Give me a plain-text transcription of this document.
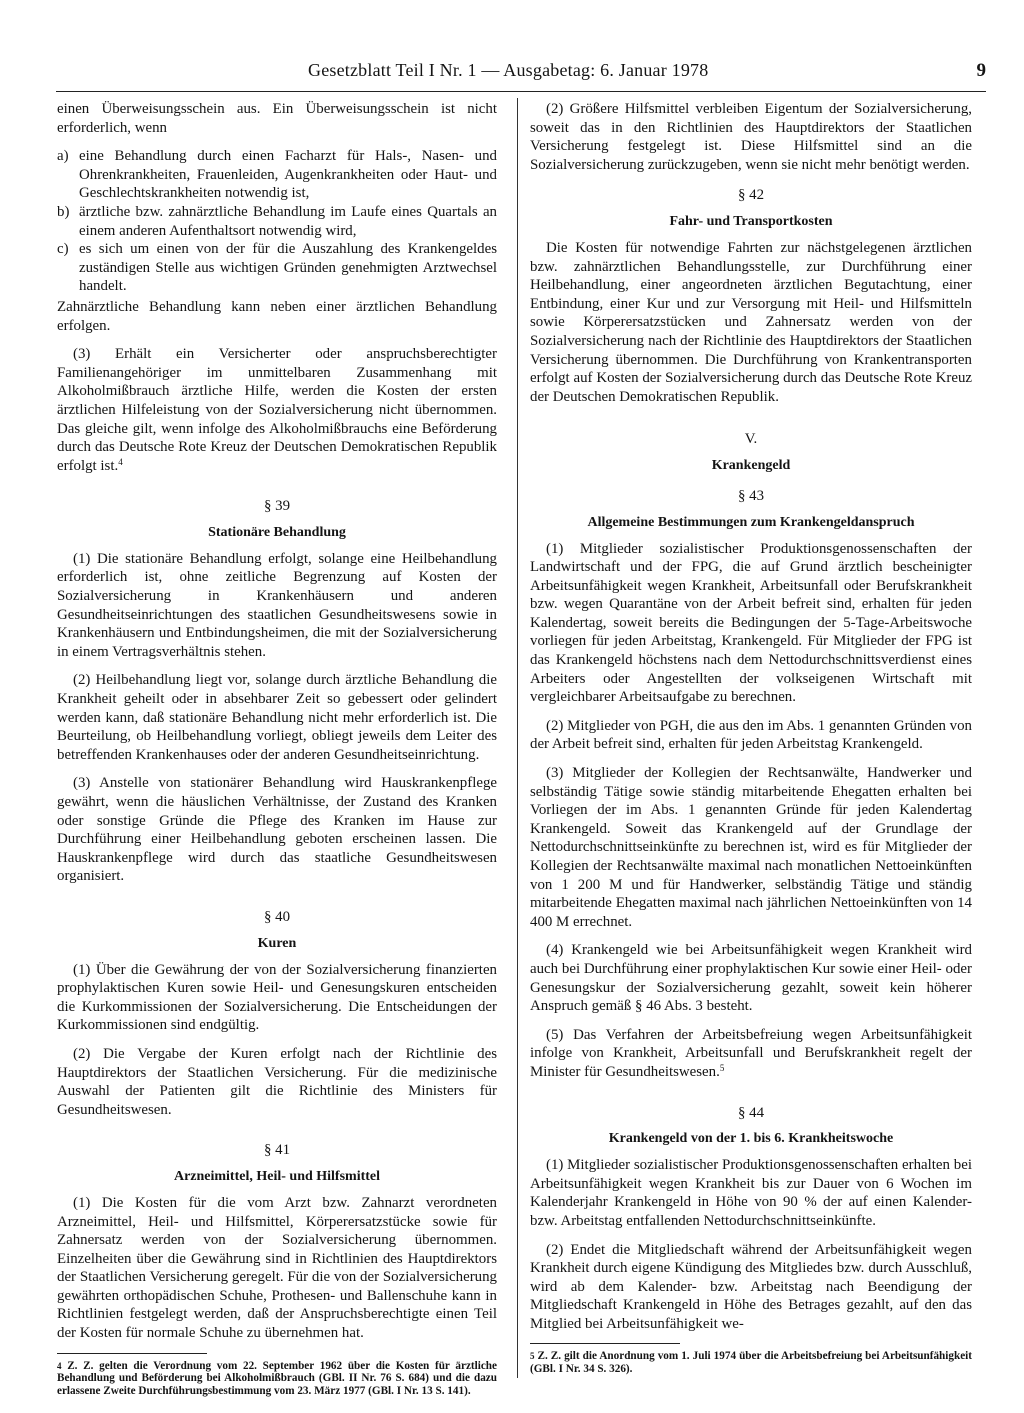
Gesetzblatt Teil I Nr. 1 — Ausgabetag: 6. Januar 1978	9

einen Überweisungsschein aus. Ein Überweisungsschein ist nicht erforderlich, wenn

a) eine Behandlung durch einen Facharzt für Hals-, Nasen- und Ohrenkrankheiten, Frauenleiden, Augenkrankheiten oder Haut- und Geschlechtskrankheiten notwendig ist,
b) ärztliche bzw. zahnärztliche Behandlung im Laufe eines Quartals an einem anderen Aufenthaltsort notwendig wird,
c) es sich um einen von der für die Auszahlung des Krankengeldes zuständigen Stelle aus wichtigen Gründen genehmigten Arztwechsel handelt.

Zahnärztliche Behandlung kann neben einer ärztlichen Behandlung erfolgen.

(3) Erhält ein Versicherter oder anspruchsberechtigter Familienangehöriger im unmittelbaren Zusammenhang mit Alkoholmißbrauch ärztliche Hilfe, werden die Kosten der ersten ärztlichen Hilfeleistung von der Sozialversicherung nicht übernommen. Das gleiche gilt, wenn infolge des Alkoholmißbrauchs eine Beförderung durch das Deutsche Rote Kreuz der Deutschen Demokratischen Republik erfolgt ist.$^4$

§ 39
Stationäre Behandlung

(1) Die stationäre Behandlung erfolgt, solange eine Heilbehandlung erforderlich ist, ohne zeitliche Begrenzung auf Kosten der Sozialversicherung in Krankenhäusern und anderen Gesundheitseinrichtungen des staatlichen Gesundheitswesens sowie in Krankenhäusern und Entbindungsheimen, die mit der Sozialversicherung in einem Vertragsverhältnis stehen.

(2) Heilbehandlung liegt vor, solange durch ärztliche Behandlung die Krankheit geheilt oder in absehbarer Zeit so gebessert oder gelindert werden kann, daß stationäre Behandlung nicht mehr erforderlich ist. Die Beurteilung, ob Heilbehandlung vorliegt, obliegt jeweils dem Leiter des betreffenden Krankenhauses oder der anderen Gesundheitseinrichtung.

(3) Anstelle von stationärer Behandlung wird Hauskrankenpflege gewährt, wenn die häuslichen Verhältnisse, der Zustand des Kranken oder sonstige Gründe die Pflege des Kranken im Hause zur Durchführung einer Heilbehandlung geboten erscheinen lassen. Die Hauskrankenpflege wird durch das staatliche Gesundheitswesen organisiert.

§ 40
Kuren

(1) Über die Gewährung der von der Sozialversicherung finanzierten prophylaktischen Kuren sowie Heil- und Genesungskuren entscheiden die Kurkommissionen der Sozialversicherung. Die Entscheidungen der Kurkommissionen sind endgültig.

(2) Die Vergabe der Kuren erfolgt nach der Richtlinie des Hauptdirektors der Staatlichen Versicherung. Für die medizinische Auswahl der Patienten gilt die Richtlinie des Ministers für Gesundheitswesen.

§ 41
Arzneimittel, Heil- und Hilfsmittel

(1) Die Kosten für die vom Arzt bzw. Zahnarzt verordneten Arzneimittel, Heil- und Hilfsmittel, Körperersatzstücke sowie für Zahnersatz werden von der Sozialversicherung übernommen. Einzelheiten über die Gewährung sind in Richtlinien des Hauptdirektors der Staatlichen Versicherung geregelt. Für die von der Sozialversicherung gewährten orthopädischen Schuhe, Prothesen- und Ballenschuhe kann in Richtlinien festgelegt werden, daß der Anspruchsberechtigte einen Teil der Kosten für normale Schuhe zu übernehmen hat.

$^4$ Z. Z. gelten die Verordnung vom 22. September 1962 über die Kosten für ärztliche Behandlung und Beförderung bei Alkoholmißbrauch (GBl. II Nr. 76 S. 684) und die dazu erlassene Zweite Durchführungsbestimmung vom 23. März 1977 (GBl. I Nr. 13 S. 141).

(2) Größere Hilfsmittel verbleiben Eigentum der Sozialversicherung, soweit das in den Richtlinien des Hauptdirektors der Staatlichen Versicherung festgelegt ist. Diese Hilfsmittel sind an die Sozialversicherung zurückzugeben, wenn sie nicht mehr benötigt werden.

§ 42
Fahr- und Transportkosten

Die Kosten für notwendige Fahrten zur nächstgelegenen ärztlichen bzw. zahnärztlichen Behandlungsstelle, zur Durchführung einer Heilbehandlung, einer angeordneten ärztlichen Begutachtung, einer Entbindung, einer Kur und zur Versorgung mit Heil- und Hilfsmitteln sowie Körperersatzstücken und Zahnersatz werden von der Sozialversicherung nach der Richtlinie des Hauptdirektors der Staatlichen Versicherung übernommen. Die Durchführung von Krankentransporten erfolgt auf Kosten der Sozialversicherung durch das Deutsche Rote Kreuz der Deutschen Demokratischen Republik.

V.
Krankengeld
§ 43
Allgemeine Bestimmungen zum Krankengeldanspruch

(1) Mitglieder sozialistischer Produktionsgenossenschaften der Landwirtschaft und der FPG, die auf Grund ärztlich bescheinigter Arbeitsunfähigkeit wegen Krankheit, Arbeitsunfall oder Berufskrankheit bzw. wegen Quarantäne von der Arbeit befreit sind, erhalten für jeden Kalendertag, soweit bereits die Bedingungen der 5-Tage-Arbeitswoche vorliegen für jeden Arbeitstag, Krankengeld. Für Mitglieder der FPG ist das Krankengeld höchstens nach dem Nettodurchschnittsverdienst eines Arbeiters oder Angestellten der volkseigenen Wirtschaft mit vergleichbarer Arbeitsaufgabe zu berechnen.

(2) Mitglieder von PGH, die aus den im Abs. 1 genannten Gründen von der Arbeit befreit sind, erhalten für jeden Arbeitstag Krankengeld.

(3) Mitglieder der Kollegien der Rechtsanwälte, Handwerker und selbständig Tätige sowie ständig mitarbeitende Ehegatten erhalten bei Vorliegen der im Abs. 1 genannten Gründe für jeden Kalendertag Krankengeld. Soweit das Krankengeld auf der Grundlage der Nettodurchschnittseinkünfte zu berechnen ist, wird es für Mitglieder der Kollegien der Rechtsanwälte maximal nach monatlichen Nettoeinkünften von 1 200 M und für Handwerker, selbständig Tätige und ständig mitarbeitende Ehegatten maximal nach jährlichen Nettoeinkünften von 14 400 M errechnet.

(4) Krankengeld wie bei Arbeitsunfähigkeit wegen Krankheit wird auch bei Durchführung einer prophylaktischen Kur sowie einer Heil- oder Genesungskur der Sozialversicherung gezahlt, soweit kein höherer Anspruch gemäß § 46 Abs. 3 besteht.

(5) Das Verfahren der Arbeitsbefreiung wegen Arbeitsunfähigkeit infolge von Krankheit, Arbeitsunfall und Berufskrankheit regelt der Minister für Gesundheitswesen.$^5$

§ 44
Krankengeld von der 1. bis 6. Krankheitswoche

(1) Mitglieder sozialistischer Produktionsgenossenschaften erhalten bei Arbeitsunfähigkeit wegen Krankheit bis zur Dauer von 6 Wochen im Kalenderjahr Krankengeld in Höhe von 90 % der auf einen Kalender- bzw. Arbeitstag entfallenden Nettodurchschnittseinkünfte.

(2) Endet die Mitgliedschaft während der Arbeitsunfähigkeit wegen Krankheit durch eigene Kündigung des Mitgliedes bzw. durch Ausschluß, wird ab dem Kalender- bzw. Arbeitstag nach Beendigung der Mitgliedschaft Krankengeld in Höhe des Betrages gezahlt, auf den das Mitglied bei Arbeitsunfähigkeit we-

$^5$ Z. Z. gilt die Anordnung vom 1. Juli 1974 über die Arbeitsbefreiung bei Arbeitsunfähigkeit (GBl. I Nr. 34 S. 326).
